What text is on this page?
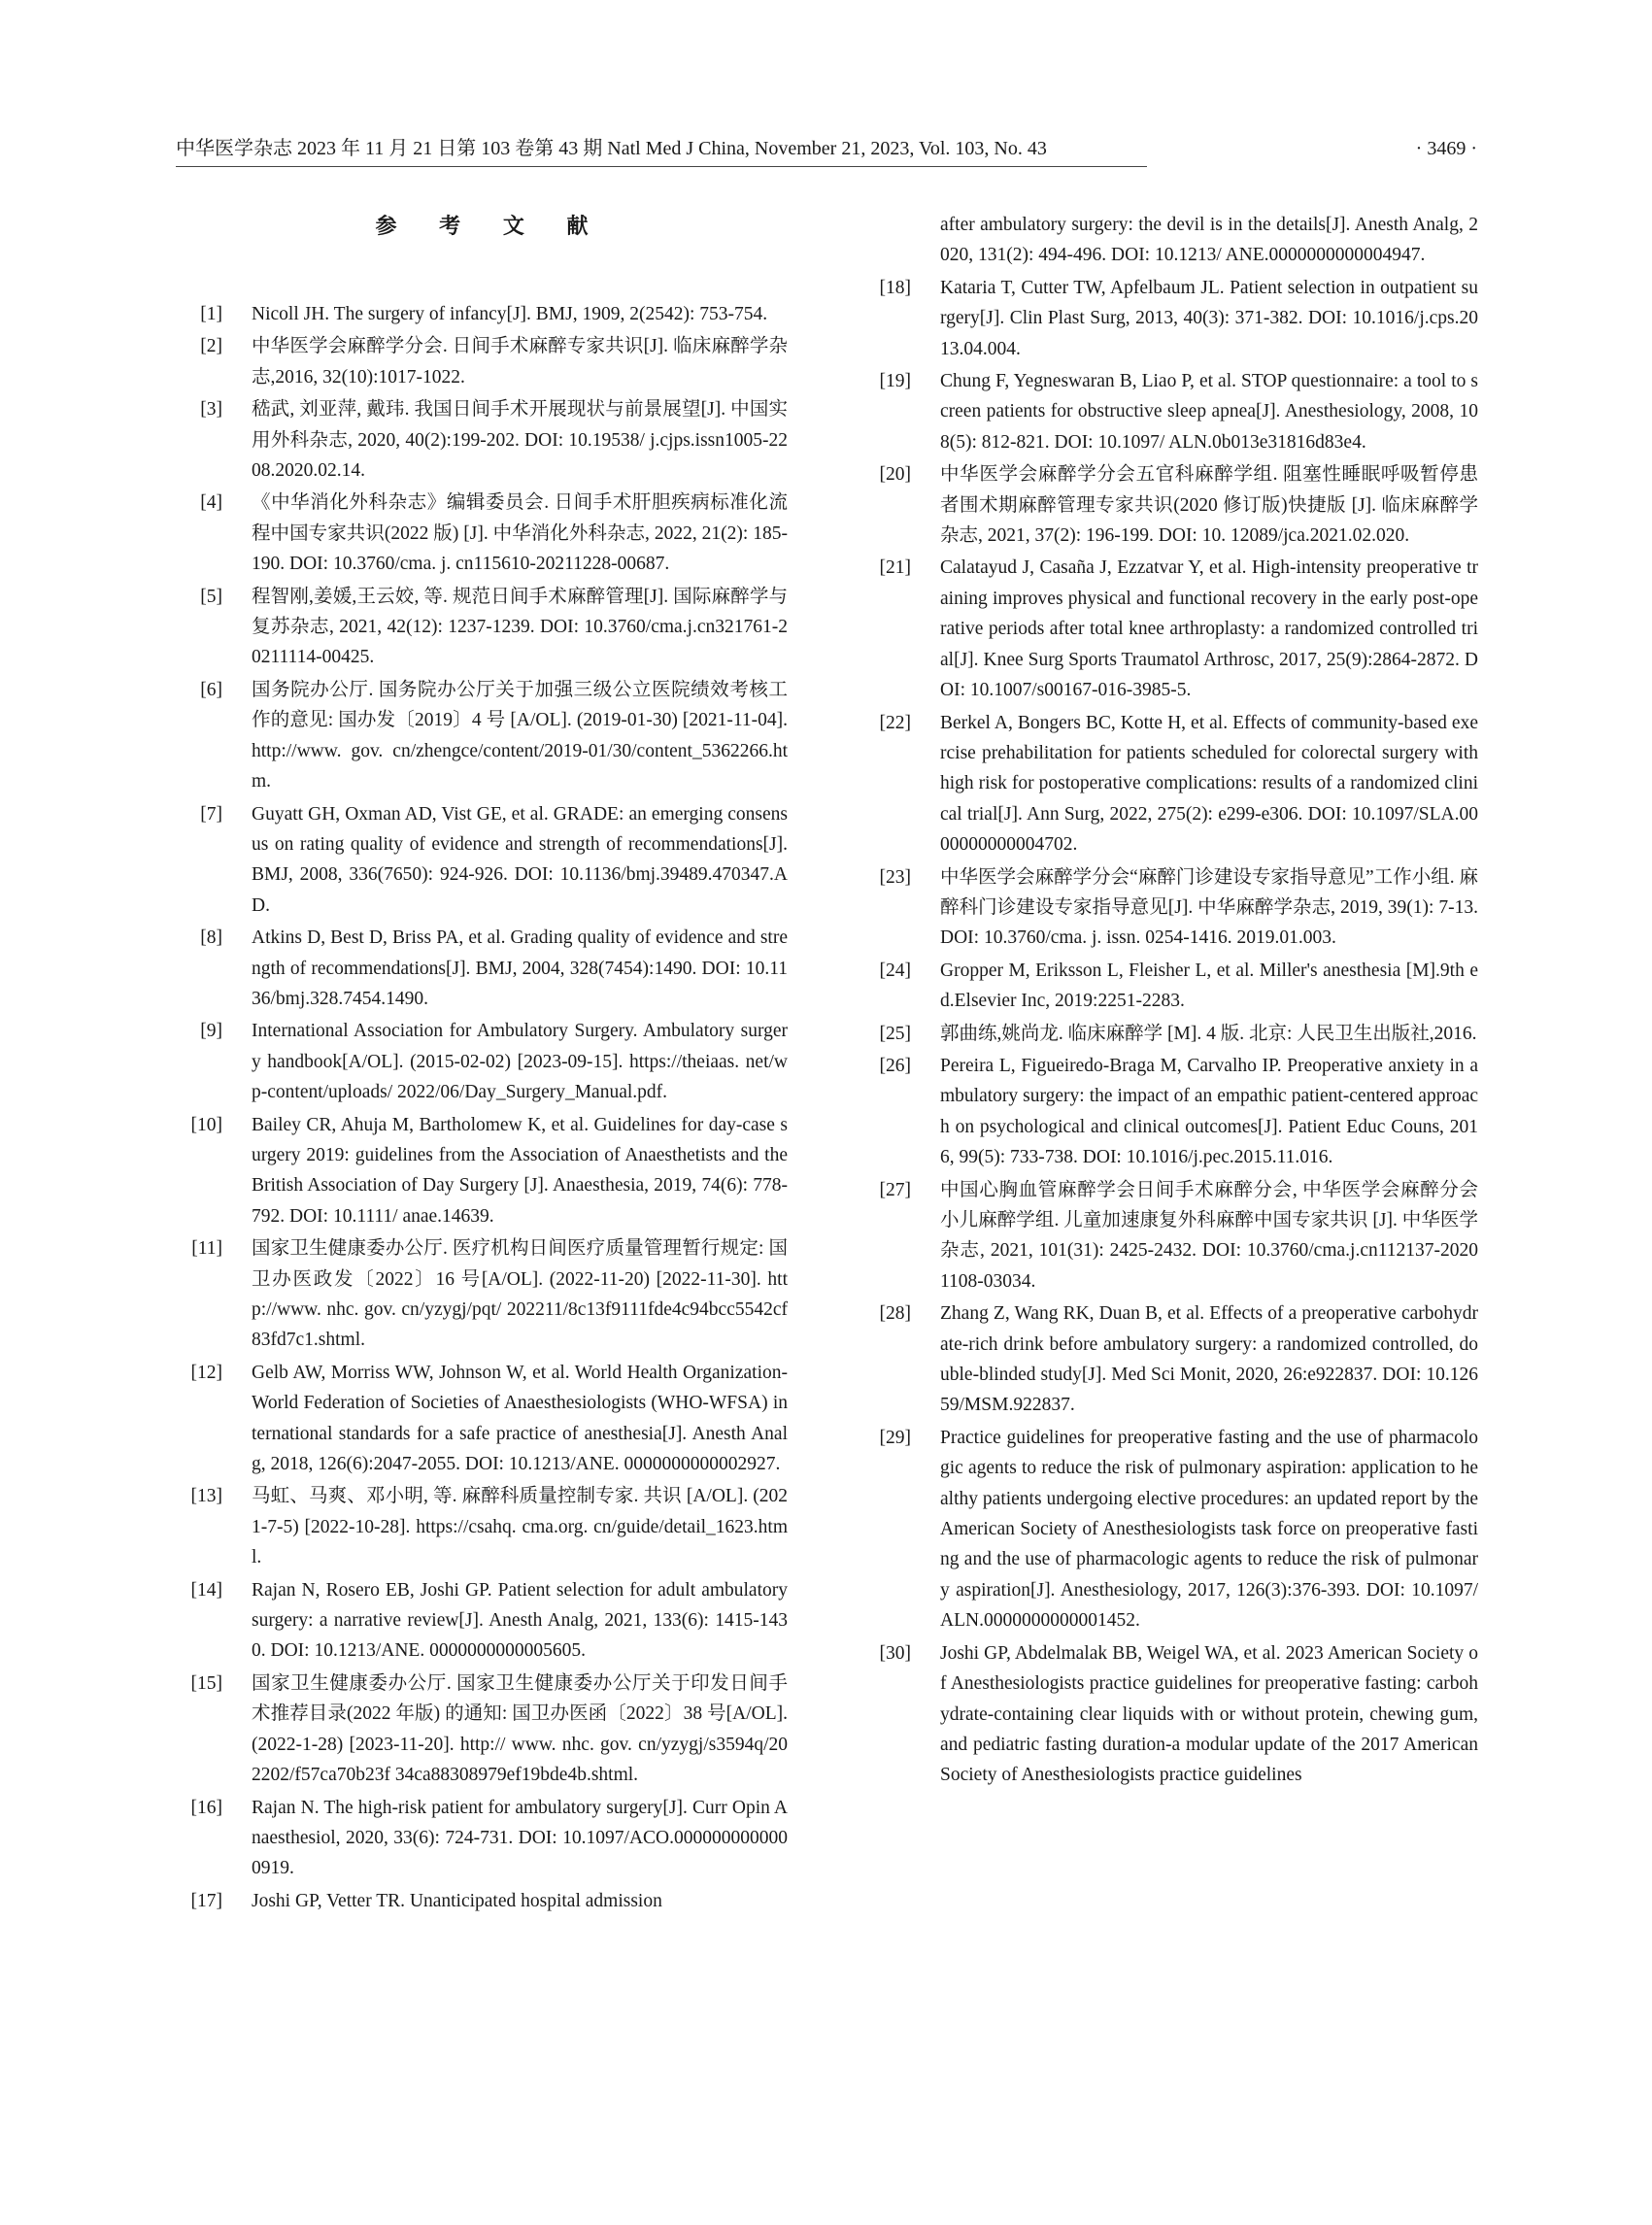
中华医学杂志 2023 年 11 月 21 日第 103 卷第 43 期 Natl Med J China, November 21, 2023, Vol. 103, No. 43	· 3469 ·
参 考 文 献
[1] Nicoll JH. The surgery of infancy[J]. BMJ, 1909, 2(2542): 753-754.
[2] 中华医学会麻醉学分会. 日间手术麻醉专家共识[J]. 临床麻醉学杂志,2016, 32(10):1017-1022.
[3] 嵇武, 刘亚萍, 戴玮. 我国日间手术开展现状与前景展望[J]. 中国实用外科杂志, 2020, 40(2):199-202. DOI: 10.19538/ j.cjps.issn1005-2208.2020.02.14.
[4] 《中华消化外科杂志》编辑委员会. 日间手术肝胆疾病标准化流程中国专家共识(2022 版) [J]. 中华消化外科杂志, 2022, 21(2): 185-190. DOI: 10.3760/cma. j. cn115610-20211228-00687.
[5] 程智刚,姜媛,王云姣, 等. 规范日间手术麻醉管理[J]. 国际麻醉学与复苏杂志, 2021, 42(12): 1237-1239. DOI: 10.3760/cma.j.cn321761-20211114-00425.
[6] 国务院办公厅. 国务院办公厅关于加强三级公立医院绩效考核工作的意见: 国办发〔2019〕4 号 [A/OL]. (2019-01-30) [2021-11-04]. http://www. gov. cn/zhengce/content/2019-01/30/content_5362266.htm.
[7] Guyatt GH, Oxman AD, Vist GE, et al. GRADE: an emerging consensus on rating quality of evidence and strength of recommendations[J]. BMJ, 2008, 336(7650): 924-926. DOI: 10.1136/bmj.39489.470347.AD.
[8] Atkins D, Best D, Briss PA, et al. Grading quality of evidence and strength of recommendations[J]. BMJ, 2004, 328(7454):1490. DOI: 10.1136/bmj.328.7454.1490.
[9] International Association for Ambulatory Surgery. Ambulatory surgery handbook[A/OL]. (2015-02-02) [2023-09-15]. https://theiaas. net/wp-content/uploads/ 2022/06/Day_Surgery_Manual.pdf.
[10] Bailey CR, Ahuja M, Bartholomew K, et al. Guidelines for day-case surgery 2019: guidelines from the Association of Anaesthetists and the British Association of Day Surgery [J]. Anaesthesia, 2019, 74(6): 778-792. DOI: 10.1111/ anae.14639.
[11] 国家卫生健康委办公厅. 医疗机构日间医疗质量管理暂行规定: 国卫办医政发〔2022〕16 号[A/OL]. (2022-11-20) [2022-11-30]. http://www. nhc. gov. cn/yzygj/pqt/ 202211/8c13f9111fde4c94bcc5542cf83fd7c1.shtml.
[12] Gelb AW, Morriss WW, Johnson W, et al. World Health Organization-World Federation of Societies of Anaesthesiologists (WHO-WFSA) international standards for a safe practice of anesthesia[J]. Anesth Analg, 2018, 126(6):2047-2055. DOI: 10.1213/ANE. 0000000000002927.
[13] 马虹、马爽、邓小明, 等. 麻醉科质量控制专家. 共识 [A/OL]. (2021-7-5) [2022-10-28]. https://csahq. cma.org. cn/guide/detail_1623.html.
[14] Rajan N, Rosero EB, Joshi GP. Patient selection for adult ambulatory surgery: a narrative review[J]. Anesth Analg, 2021, 133(6): 1415-1430. DOI: 10.1213/ANE. 0000000000005605.
[15] 国家卫生健康委办公厅. 国家卫生健康委办公厅关于印发日间手术推荐目录(2022 年版) 的通知: 国卫办医函〔2022〕38 号[A/OL]. (2022-1-28) [2023-11-20]. http:// www. nhc. gov. cn/yzygj/s3594q/202202/f57ca70b23f 34ca88308979ef19bde4b.shtml.
[16] Rajan N. The high-risk patient for ambulatory surgery[J]. Curr Opin Anaesthesiol, 2020, 33(6): 724-731. DOI: 10.1097/ACO.0000000000000919.
[17] Joshi GP, Vetter TR. Unanticipated hospital admission
after ambulatory surgery: the devil is in the details[J]. Anesth Analg, 2020, 131(2): 494-496. DOI: 10.1213/ ANE.0000000000004947.
[18] Kataria T, Cutter TW, Apfelbaum JL. Patient selection in outpatient surgery[J]. Clin Plast Surg, 2013, 40(3): 371-382. DOI: 10.1016/j.cps.2013.04.004.
[19] Chung F, Yegneswaran B, Liao P, et al. STOP questionnaire: a tool to screen patients for obstructive sleep apnea[J]. Anesthesiology, 2008, 108(5): 812-821. DOI: 10.1097/ ALN.0b013e31816d83e4.
[20] 中华医学会麻醉学分会五官科麻醉学组. 阻塞性睡眠呼吸暂停患者围术期麻醉管理专家共识(2020 修订版)快捷版 [J]. 临床麻醉学杂志, 2021, 37(2): 196-199. DOI: 10. 12089/jca.2021.02.020.
[21] Calatayud J, Casaña J, Ezzatvar Y, et al. High-intensity preoperative training improves physical and functional recovery in the early post-operative periods after total knee arthroplasty: a randomized controlled trial[J]. Knee Surg Sports Traumatol Arthrosc, 2017, 25(9):2864-2872. DOI: 10.1007/s00167-016-3985-5.
[22] Berkel A, Bongers BC, Kotte H, et al. Effects of community-based exercise prehabilitation for patients scheduled for colorectal surgery with high risk for postoperative complications: results of a randomized clinical trial[J]. Ann Surg, 2022, 275(2): e299-e306. DOI: 10.1097/SLA.0000000000004702.
[23] 中华医学会麻醉学分会“麻醉门诊建设专家指导意见”工作小组. 麻醉科门诊建设专家指导意见[J]. 中华麻醉学杂志, 2019, 39(1): 7-13. DOI: 10.3760/cma. j. issn. 0254-1416. 2019.01.003.
[24] Gropper M, Eriksson L, Fleisher L, et al. Miller's anesthesia [M].9th ed.Elsevier Inc, 2019:2251-2283.
[25] 郭曲练,姚尚龙. 临床麻醉学 [M]. 4 版. 北京: 人民卫生出版社,2016.
[26] Pereira L, Figueiredo-Braga M, Carvalho IP. Preoperative anxiety in ambulatory surgery: the impact of an empathic patient-centered approach on psychological and clinical outcomes[J]. Patient Educ Couns, 2016, 99(5): 733-738. DOI: 10.1016/j.pec.2015.11.016.
[27] 中国心胸血管麻醉学会日间手术麻醉分会, 中华医学会麻醉分会小儿麻醉学组. 儿童加速康复外科麻醉中国专家共识 [J]. 中华医学杂志, 2021, 101(31): 2425-2432. DOI: 10.3760/cma.j.cn112137-20201108-03034.
[28] Zhang Z, Wang RK, Duan B, et al. Effects of a preoperative carbohydrate-rich drink before ambulatory surgery: a randomized controlled, double-blinded study[J]. Med Sci Monit, 2020, 26:e922837. DOI: 10.12659/MSM.922837.
[29] Practice guidelines for preoperative fasting and the use of pharmacologic agents to reduce the risk of pulmonary aspiration: application to healthy patients undergoing elective procedures: an updated report by the American Society of Anesthesiologists task force on preoperative fasting and the use of pharmacologic agents to reduce the risk of pulmonary aspiration[J]. Anesthesiology, 2017, 126(3):376-393. DOI: 10.1097/ALN.0000000000001452.
[30] Joshi GP, Abdelmalak BB, Weigel WA, et al. 2023 American Society of Anesthesiologists practice guidelines for preoperative fasting: carbohydrate-containing clear liquids with or without protein, chewing gum, and pediatric fasting duration-a modular update of the 2017 American Society of Anesthesiologists practice guidelines
